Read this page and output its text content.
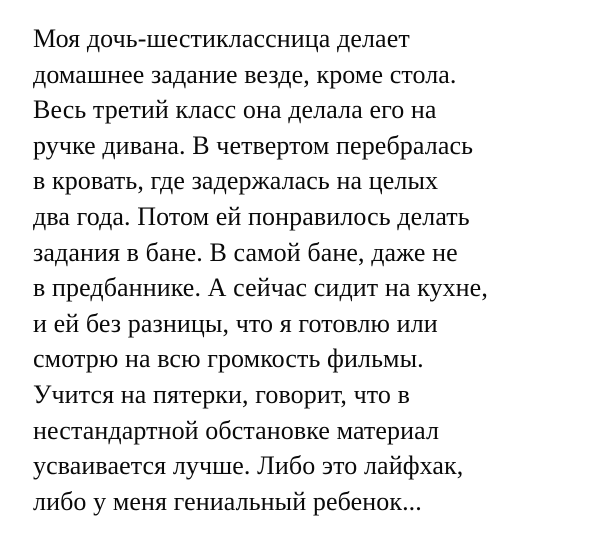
Моя дочь-шестиклассница делает
домашнее задание везде, кроме стола.
Весь третий класс она делала его на
ручке дивана. В четвертом перебралась
в кровать, где задержалась на целых
два года. Потом ей понравилось делать
задания в бане. В самой бане, даже не
в предбаннике. А сейчас сидит на кухне,
и ей без разницы, что я готовлю или
смотрю на всю громкость фильмы.
Учится на пятерки, говорит, что в
нестандартной обстановке материал
усваивается лучше. Либо это лайфхак,
либо у меня гениальный ребенок...
